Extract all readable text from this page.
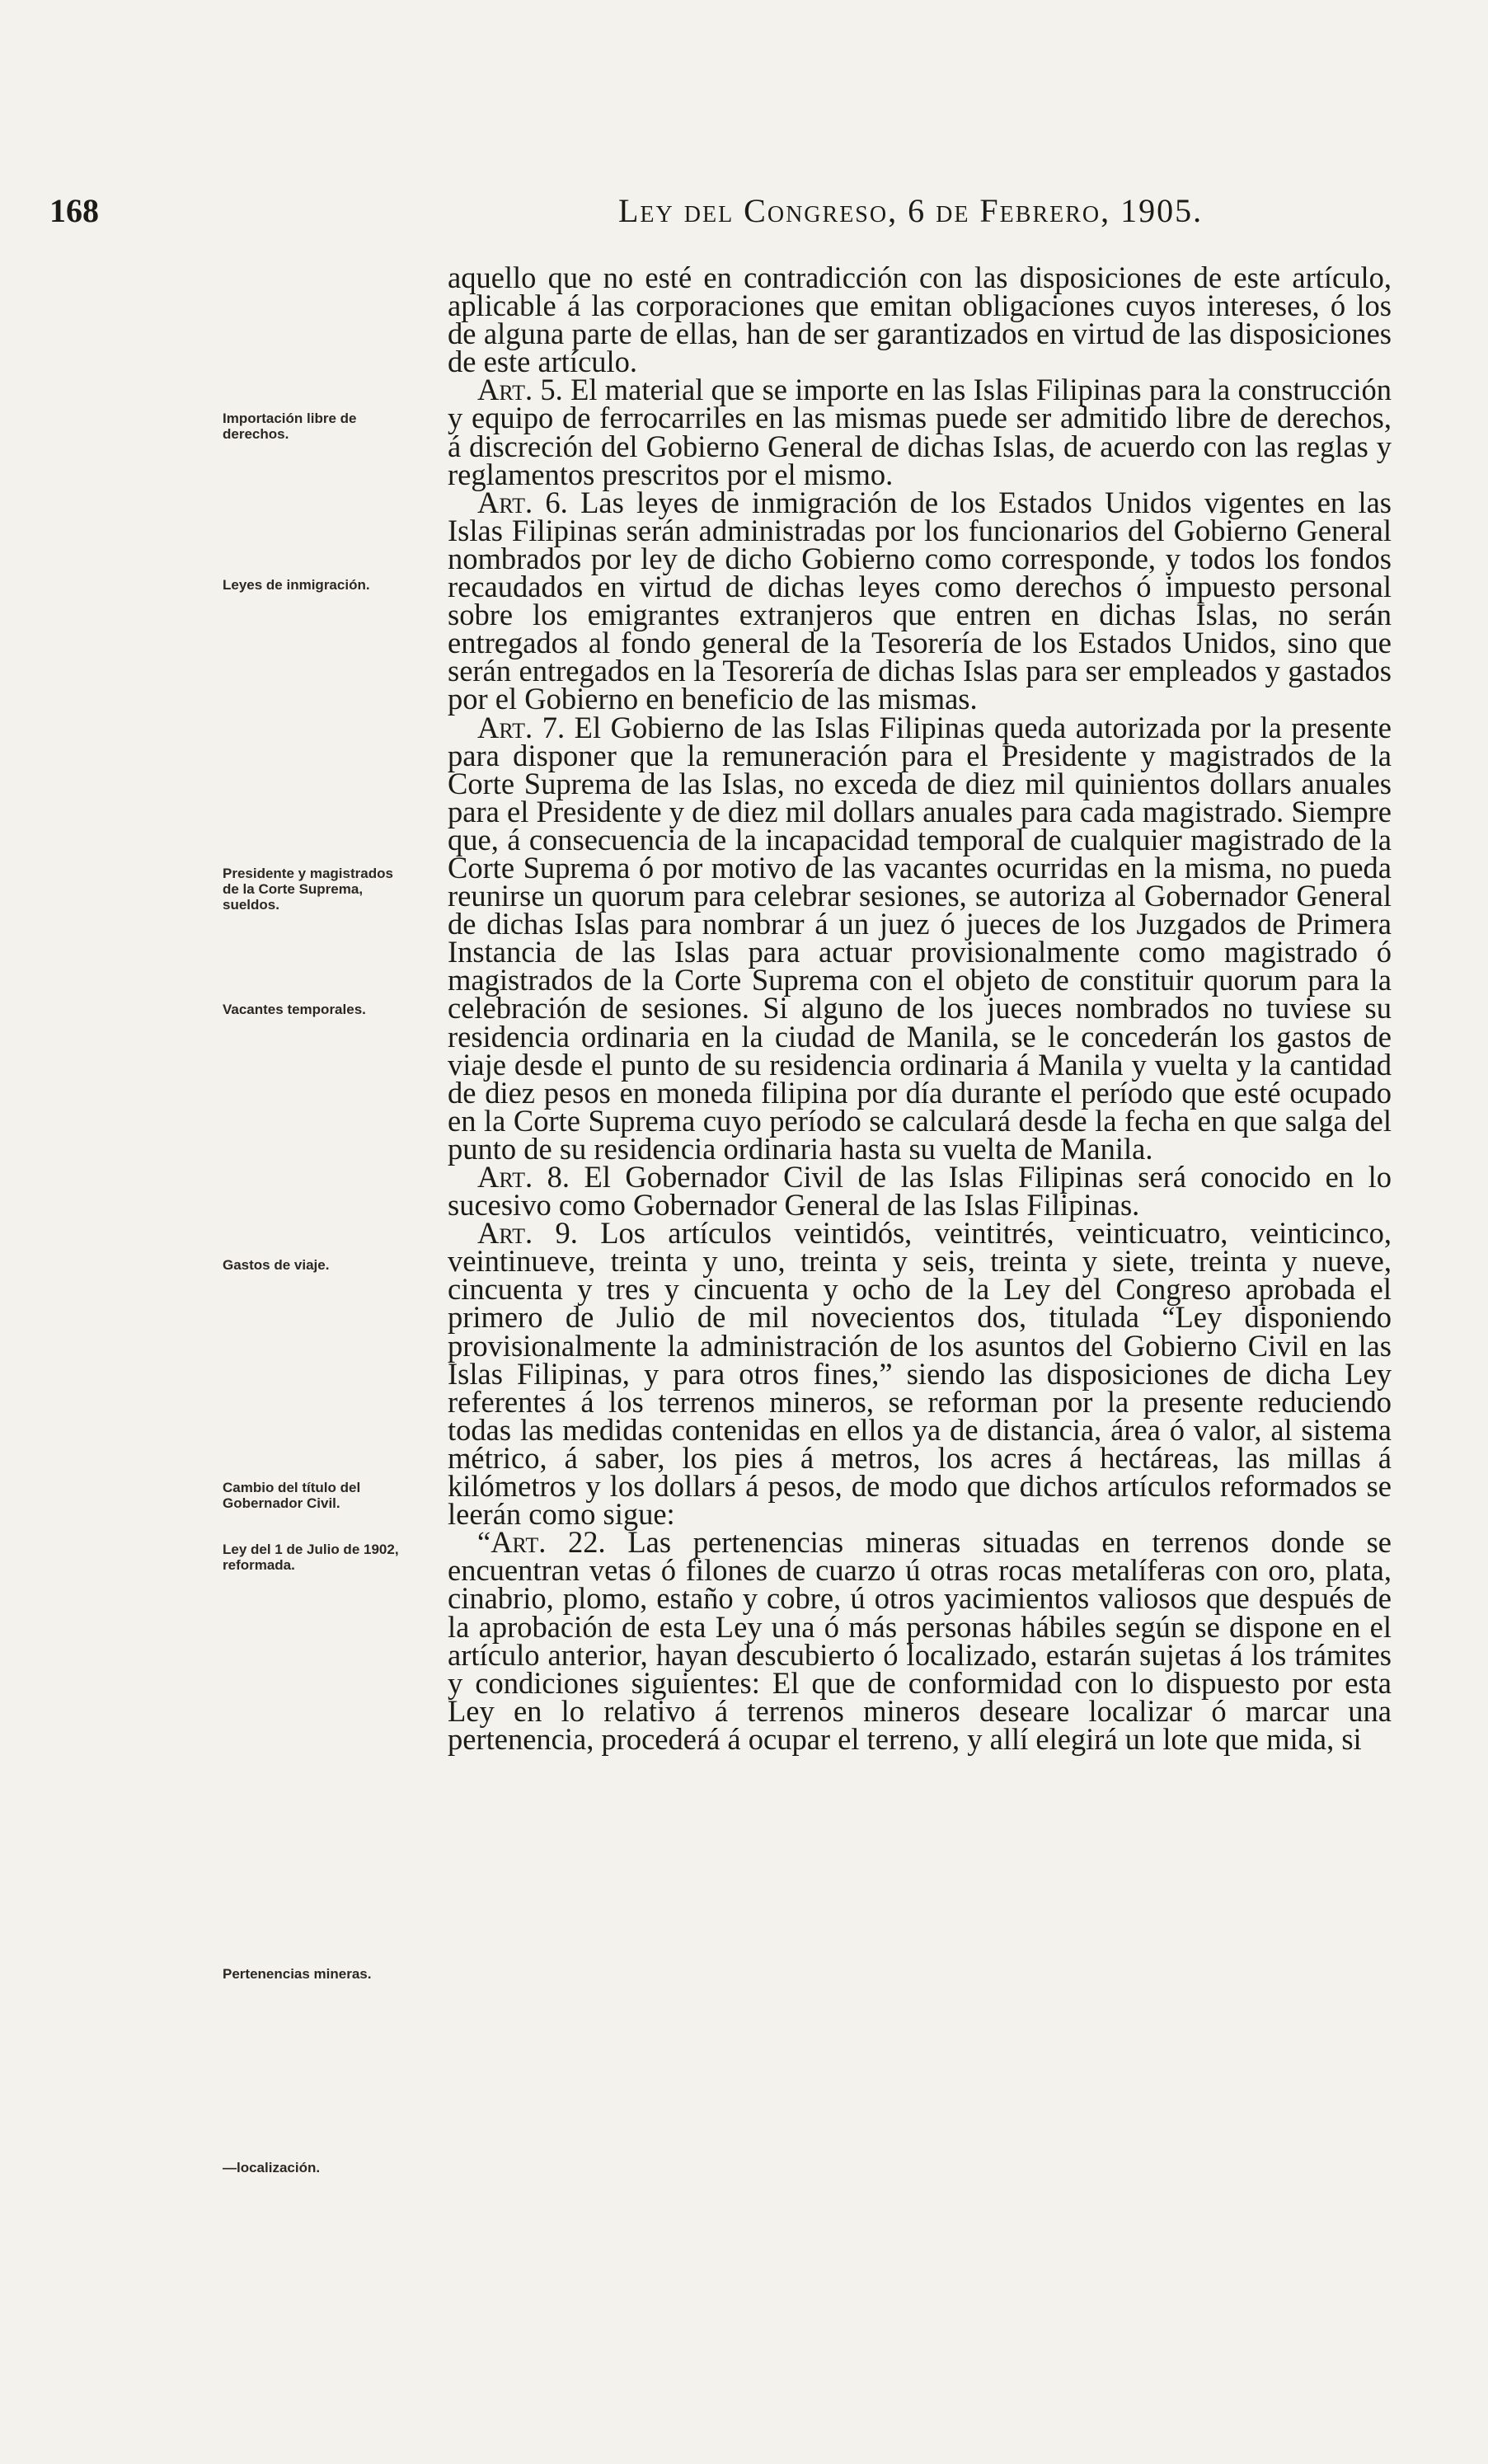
168	Ley del Congreso, 6 de Febrero, 1905.
Importación libre de derechos.
Leyes de inmigración.
Presidente y magistrados de la Corte Suprema, sueldos.
Vacantes temporales.
Gastos de viaje.
Cambio del título del Gobernador Civil.
Ley del 1 de Julio de 1902, reformada.
Pertenencias mineras.
—localización.

aquello que no esté en contradicción con las disposiciones de este artículo, aplicable á las corporaciones que emitan obligaciones cuyos intereses, ó los de alguna parte de ellas, han de ser garantizados en virtud de las disposiciones de este artículo.

Art. 5. El material que se importe en las Islas Filipinas para la construcción y equipo de ferrocarriles en las mismas puede ser admitido libre de derechos, á discreción del Gobierno General de dichas Islas, de acuerdo con las reglas y reglamentos prescritos por el mismo.

Art. 6. Las leyes de inmigración de los Estados Unidos vigentes en las Islas Filipinas serán administradas por los funcionarios del Gobierno General nombrados por ley de dicho Gobierno como corresponde, y todos los fondos recaudados en virtud de dichas leyes como derechos ó impuesto personal sobre los emigrantes extranjeros que entren en dichas Islas, no serán entregados al fondo general de la Tesorería de los Estados Unidos, sino que serán entregados en la Tesorería de dichas Islas para ser empleados y gastados por el Gobierno en beneficio de las mismas.

Art. 7. El Gobierno de las Islas Filipinas queda autorizada por la presente para disponer que la remuneración para el Presidente y magistrados de la Corte Suprema de las Islas, no exceda de diez mil quinientos dollars anuales para el Presidente y de diez mil dollars anuales para cada magistrado. Siempre que, á consecuencia de la incapacidad temporal de cualquier magistrado de la Corte Suprema ó por motivo de las vacantes ocurridas en la misma, no pueda reunirse un quorum para celebrar sesiones, se autoriza al Gobernador General de dichas Islas para nombrar á un juez ó jueces de los Juzgados de Primera Instancia de las Islas para actuar provisionalmente como magistrado ó magistrados de la Corte Suprema con el objeto de constituir quorum para la celebración de sesiones. Si alguno de los jueces nombrados no tuviese su residencia ordinaria en la ciudad de Manila, se le concederán los gastos de viaje desde el punto de su residencia ordinaria á Manila y vuelta y la cantidad de diez pesos en moneda filipina por día durante el período que esté ocupado en la Corte Suprema cuyo período se calculará desde la fecha en que salga del punto de su residencia ordinaria hasta su vuelta de Manila.

Art. 8. El Gobernador Civil de las Islas Filipinas será conocido en lo sucesivo como Gobernador General de las Islas Filipinas.

Art. 9. Los artículos veintidós, veintitrés, veinticuatro, veinticinco, veintinueve, treinta y uno, treinta y seis, treinta y siete, treinta y nueve, cincuenta y tres y cincuenta y ocho de la Ley del Congreso aprobada el primero de Julio de mil novecientos dos, titulada “Ley disponiendo provisionalmente la administración de los asuntos del Gobierno Civil en las Islas Filipinas, y para otros fines,” siendo las disposiciones de dicha Ley referentes á los terrenos mineros, se reforman por la presente reduciendo todas las medidas contenidas en ellos ya de distancia, área ó valor, al sistema métrico, á saber, los pies á metros, los acres á hectáreas, las millas á kilómetros y los dollars á pesos, de modo que dichos artículos reformados se leerán como sigue:

“Art. 22. Las pertenencias mineras situadas en terrenos donde se encuentran vetas ó filones de cuarzo ú otras rocas metalíferas con oro, plata, cinabrio, plomo, estaño y cobre, ú otros yacimientos valiosos que después de la aprobación de esta Ley una ó más personas hábiles según se dispone en el artículo anterior, hayan descubierto ó localizado, estarán sujetas á los trámites y condiciones siguientes: El que de conformidad con lo dispuesto por esta Ley en lo relativo á terrenos mineros deseare localizar ó marcar una pertenencia, procederá á ocupar el terreno, y allí elegirá un lote que mida, si
